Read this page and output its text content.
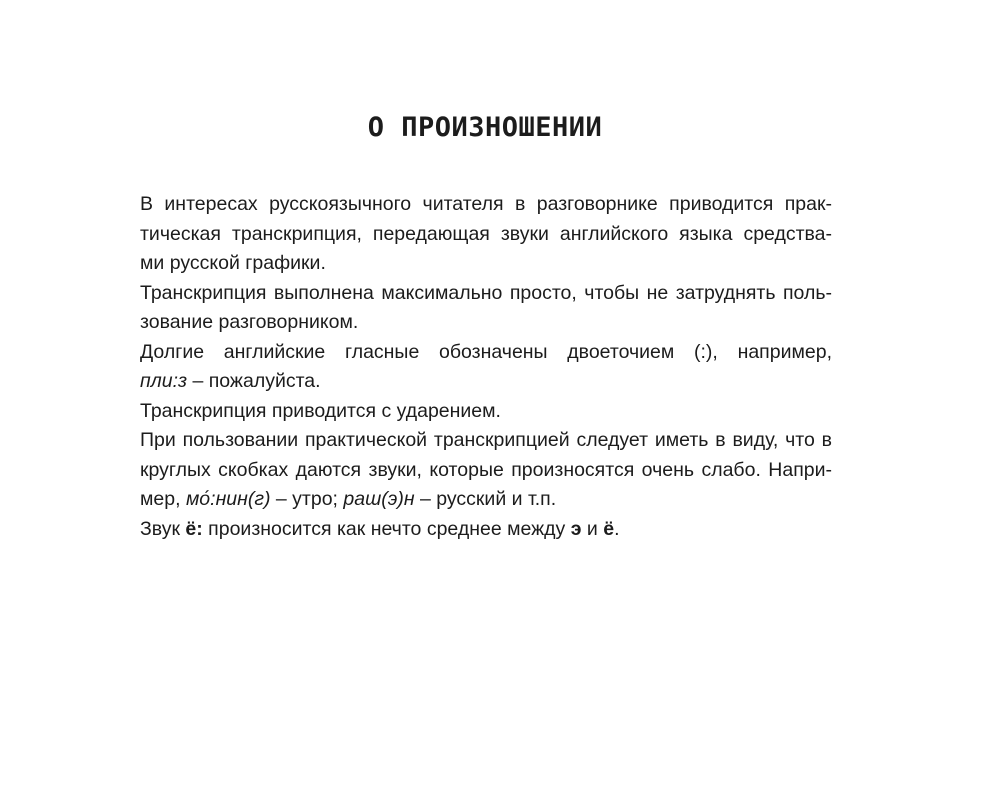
О ПРОИЗНОШЕНИИ
В интересах русскоязычного читателя в разговорнике приводится прак-
тическая транскрипция, передающая звуки английского языка средства-
ми русской графики.
Транскрипция выполнена максимально просто, чтобы не затруднять поль-
зование разговорником.
Долгие английские гласные обозначены двоеточием (:), например,
пли:з – пожалуйста.
Транскрипция приводится с ударением.
При пользовании практической транскрипцией следует иметь в виду, что в
круглых скобках даются звуки, которые произносятся очень слабо. Напри-
мер, мо́:нин(г) – утро; раш(э)н – русский и т.п.
Звук ё: произносится как нечто среднее между э и ё.
